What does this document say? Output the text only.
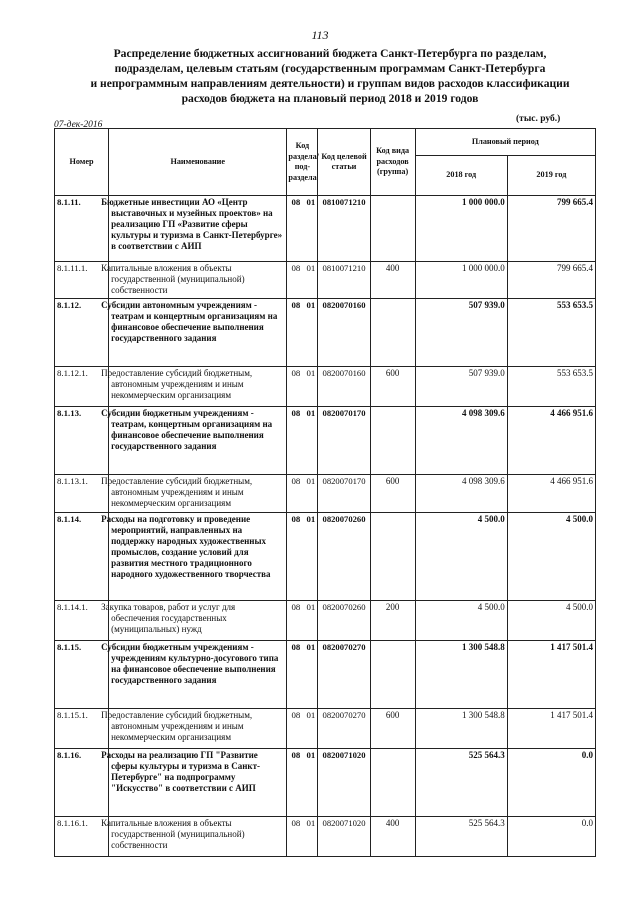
113
Распределение бюджетных ассигнований бюджета Санкт-Петербурга по разделам,
подразделам, целевым статьям (государственным программам Санкт-Петербурга
и непрограммным направлениям деятельности) и группам видов расходов классификации
расходов бюджета на плановый период 2018 и 2019 годов
07-дек-2016
(тыс. руб.)
Номер	Наименование	Код раздела/ под-раздела	Код целевой статьи	Код вида расходов (группа)	Плановый период	
					2018 год	2019 год
8.1.11.	Бюджетные инвестиции АО «Центр выставочных и музейных проектов» на реализацию ГП «Развитие сферы культуры и туризма в Санкт-Петербурге» в соответствии с АИП	08 01	0810071210		1 000 000.0	799 665.4
8.1.11.1.	Капитальные вложения в объекты государственной (муниципальной) собственности	08 01	0810071210	400	1 000 000.0	799 665.4
8.1.12.	Субсидии автономным учреждениям - театрам и концертным организациям на финансовое обеспечение выполнения государственного задания	08 01	0820070160		507 939.0	553 653.5
8.1.12.1.	Предоставление субсидий бюджетным, автономным учреждениям и иным некоммерческим организациям	08 01	0820070160	600	507 939.0	553 653.5
8.1.13.	Субсидии бюджетным учреждениям - театрам, концертным организациям на финансовое обеспечение выполнения государственного задания	08 01	0820070170		4 098 309.6	4 466 951.6
8.1.13.1.	Предоставление субсидий бюджетным, автономным учреждениям и иным некоммерческим организациям	08 01	0820070170	600	4 098 309.6	4 466 951.6
8.1.14.	Расходы на подготовку и проведение мероприятий, направленных на поддержку народных художественных промыслов, создание условий для развития местного традиционного народного художественного творчества	08 01	0820070260		4 500.0	4 500.0
8.1.14.1.	Закупка товаров, работ и услуг для обеспечения государственных (муниципальных) нужд	08 01	0820070260	200	4 500.0	4 500.0
8.1.15.	Субсидии бюджетным учреждениям - учреждениям культурно-досугового типа на финансовое обеспечение выполнения государственного задания	08 01	0820070270		1 300 548.8	1 417 501.4
8.1.15.1.	Предоставление субсидий бюджетным, автономным учреждениям и иным некоммерческим организациям	08 01	0820070270	600	1 300 548.8	1 417 501.4
8.1.16.	Расходы на реализацию ГП "Развитие сферы культуры и туризма в Санкт-Петербурге" на подпрограмму "Искусство" в соответствии с АИП	08 01	0820071020		525 564.3	0.0
8.1.16.1.	Капитальные вложения в объекты государственной (муниципальной) собственности	08 01	0820071020	400	525 564.3	0.0
